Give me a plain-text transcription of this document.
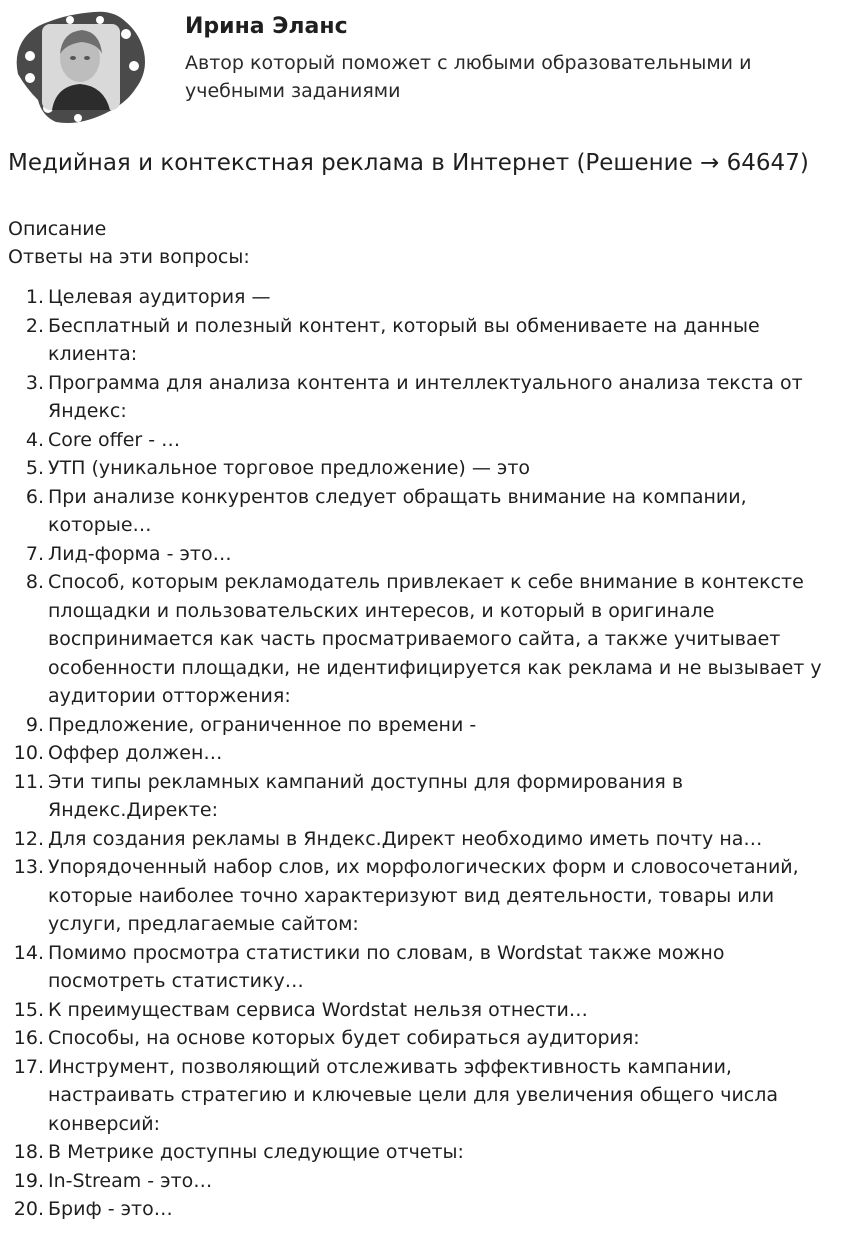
Ирина Эланс
Автор который поможет с любыми образовательными и учебными заданиями
Медийная и контекстная реклама в Интернет (Решение → 64647)
Описание
Ответы на эти вопросы:
1. Целевая аудитория —
2. Бесплатный и полезный контент, который вы обмениваете на данные клиента:
3. Программа для анализа контента и интеллектуального анализа текста от Яндекс:
4. Core offer - …
5. УТП (уникальное торговое предложение) — это
6. При анализе конкурентов следует обращать внимание на компании, которые…
7. Лид-форма - это…
8. Способ, которым рекламодатель привлекает к себе внимание в контексте площадки и пользовательских интересов, и который в оригинале воспринимается как часть просматриваемого сайта, а также учитывает особенности площадки, не идентифицируется как реклама и не вызывает у аудитории отторжения:
9. Предложение, ограниченное по времени -
10. Оффер должен…
11. Эти типы рекламных кампаний доступны для формирования в Яндекс.Директе:
12. Для создания рекламы в Яндекс.Директ необходимо иметь почту на…
13. Упорядоченный набор слов, их морфологических форм и словосочетаний, которые наиболее точно характеризуют вид деятельности, товары или услуги, предлагаемые сайтом:
14. Помимо просмотра статистики по словам, в Wordstat также можно посмотреть статистику…
15. К преимуществам сервиса Wordstat нельзя отнести…
16. Способы, на основе которых будет собираться аудитория:
17. Инструмент, позволяющий отслеживать эффективность кампании, настраивать стратегию и ключевые цели для увеличения общего числа конверсий:
18. В Метрике доступны следующие отчеты:
19. In-Stream - это…
20. Бриф - это…
